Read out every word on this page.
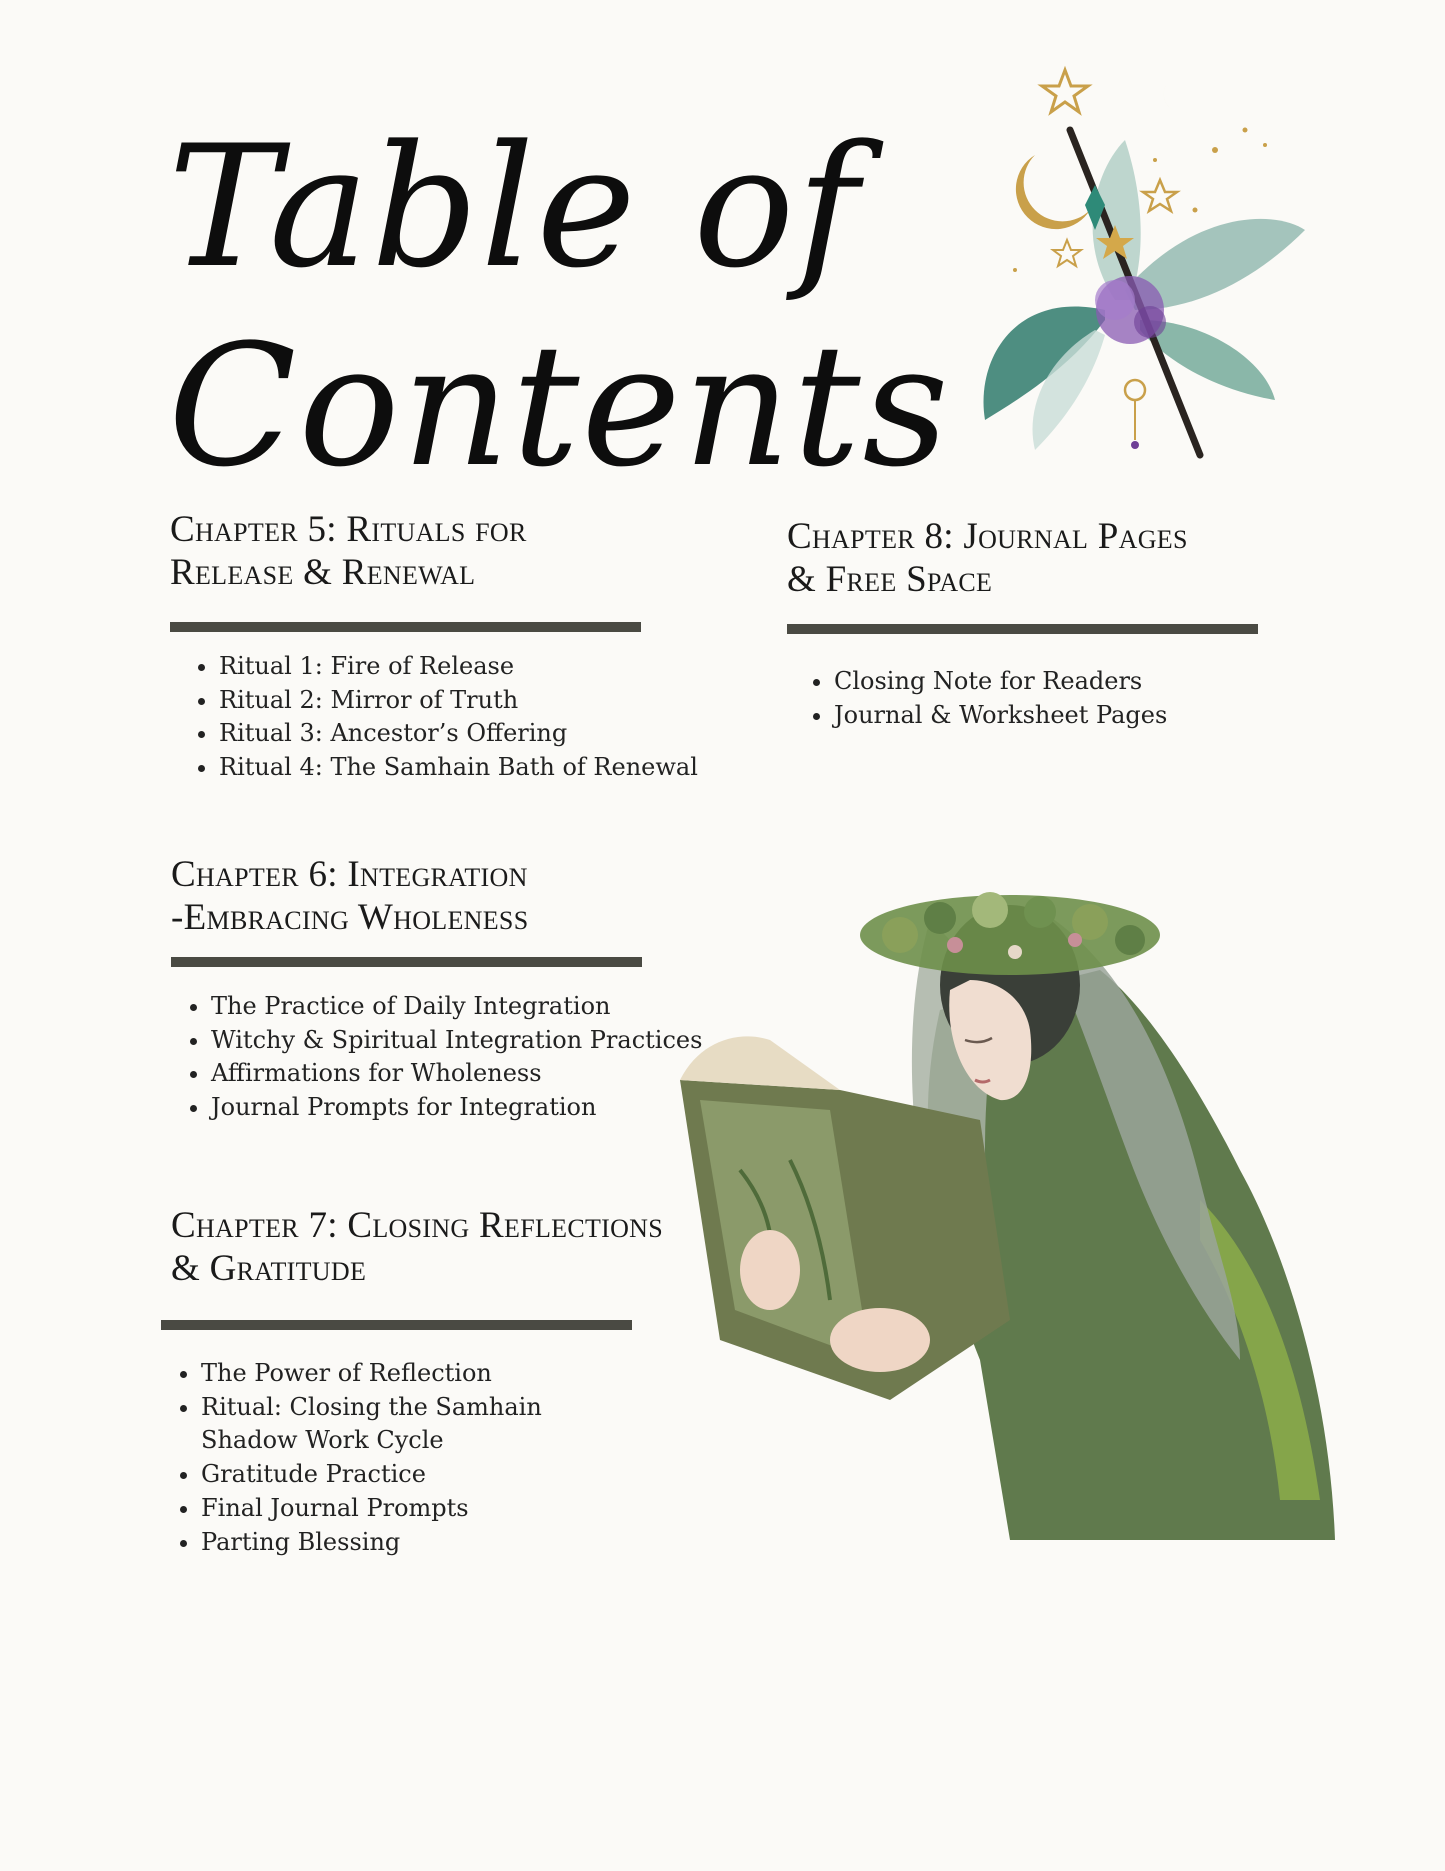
Table of
Contents
Chapter 5: Rituals for
Release & Renewal
• Ritual 1: Fire of Release
• Ritual 2: Mirror of Truth
• Ritual 3: Ancestor’s Offering
• Ritual 4: The Samhain Bath of Renewal
Chapter 6: Integration
-Embracing Wholeness
• The Practice of Daily Integration
• Witchy & Spiritual Integration Practices
• Affirmations for Wholeness
• Journal Prompts for Integration
Chapter 7: Closing Reflections
& Gratitude
• The Power of Reflection
• Ritual: Closing the Samhain Shadow Work Cycle
• Gratitude Practice
• Final Journal Prompts
• Parting Blessing
Chapter 8: Journal Pages
& Free Space
• Closing Note for Readers
• Journal & Worksheet Pages
